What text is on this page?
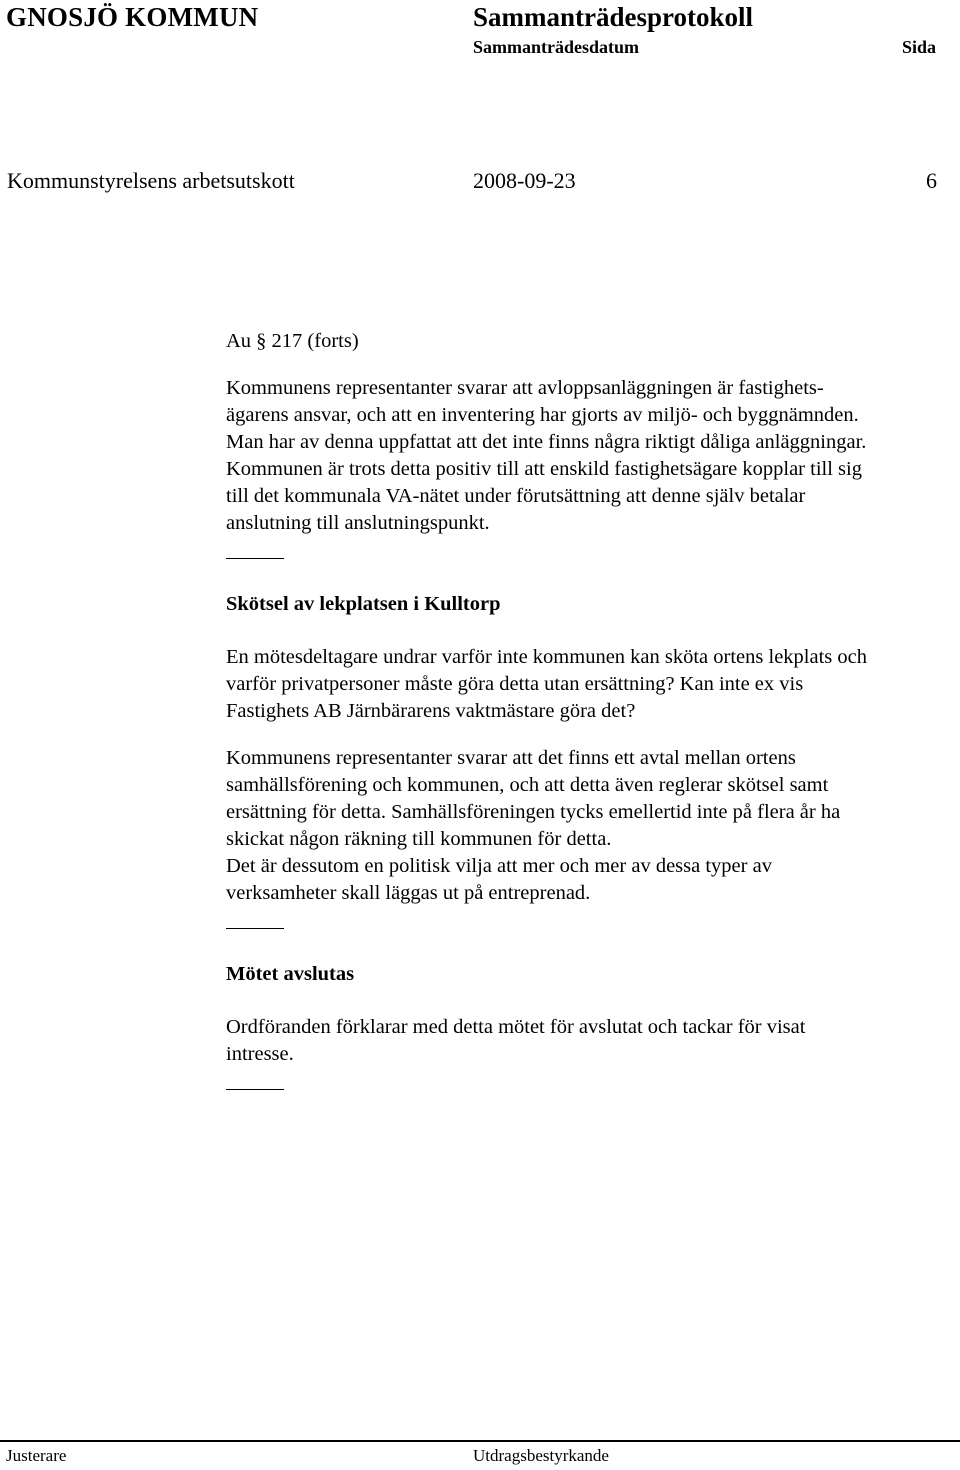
GNOSJÖ KOMMUN	Sammanträdesprotokoll
Sammanträdesdatum	Sida
Kommunstyrelsens arbetsutskott	2008-09-23	6

Au § 217 (forts)

Kommunens representanter svarar att avloppsanläggningen är fastighets-
ägarens ansvar, och att en inventering har gjorts av miljö- och byggnämnden.
Man har av denna uppfattat att det inte finns några riktigt dåliga anläggningar.
Kommunen är trots detta positiv till att enskild fastighetsägare kopplar till sig
till det kommunala VA-nätet under förutsättning att denne själv betalar
anslutning till anslutningspunkt.

Skötsel av lekplatsen i Kulltorp

En mötesdeltagare undrar varför inte kommunen kan sköta ortens lekplats och
varför privatpersoner måste göra detta utan ersättning? Kan inte ex vis
Fastighets AB Järnbärarens vaktmästare göra det?

Kommunens representanter svarar att det finns ett avtal mellan ortens
samhällsförening och kommunen, och att detta även reglerar skötsel samt
ersättning för detta. Samhällsföreningen tycks emellertid inte på flera år ha
skickat någon räkning till kommunen för detta.
Det är dessutom en politisk vilja att mer och mer av dessa typer av
verksamheter skall läggas ut på entreprenad.

Mötet avslutas

Ordföranden förklarar med detta mötet för avslutat och tackar för visat
intresse.

Justerare	Utdragsbestyrkande
